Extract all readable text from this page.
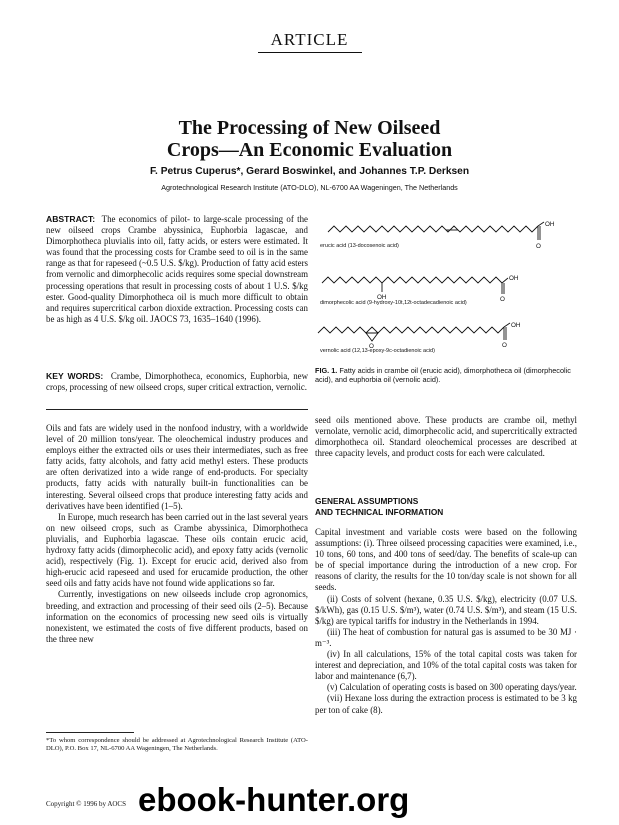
ARTICLE
The Processing of New Oilseed
Crops—An Economic Evaluation
F. Petrus Cuperus*, Gerard Boswinkel, and Johannes T.P. Derksen
Agrotechnological Research Institute (ATO-DLO), NL-6700 AA Wageningen, The Netherlands

ABSTRACT: The economics of pilot- to large-scale processing of the new oilseed crops Crambe abyssinica, Euphorbia lagascae, and Dimorphotheca pluvialis into oil, fatty acids, or esters were estimated. It was found that the processing costs for Crambe seed to oil is in the same range as that for rapeseed (~0.5 U.S. $/kg). Production of fatty acid esters from vernolic and dimorphecolic acids requires some special downstream processing operations that result in processing costs of about 1 U.S. $/kg ester. Good-quality Dimorphotheca oil is much more difficult to obtain and requires supercritical carbon dioxide extraction. Processing costs can be as high as 4 U.S. $/kg oil. JAOCS 73, 1635–1640 (1996).

KEY WORDS: Crambe, Dimorphotheca, economics, Euphorbia, new crops, processing of new oilseed crops, super critical extraction, vernolic.

Oils and fats are widely used in the nonfood industry, with a worldwide level of 20 million tons/year. The oleochemical industry produces and employs either the extracted oils or uses their intermediates, such as free fatty acids, fatty alcohols, and fatty acid methyl esters. These products are often derivatized into a wide range of end-products. For specialty products, fatty acids with naturally built-in functionalities can be interesting. Several oilseed crops that produce interesting fatty acids and derivatives have been identified (1–5).

In Europe, much research has been carried out in the last several years on new oilseed crops, such as Crambe abyssinica, Dimorphotheca pluvialis, and Euphorbia lagascae. These oils contain erucic acid, hydroxy fatty acids (dimorphecolic acid), and epoxy fatty acids (vernolic acid), respectively (Fig. 1). Except for erucic acid, derived also from high-erucic acid rapeseed and used for erucamide production, the other seed oils and fatty acids have not found wide applications so far.

Currently, investigations on new oilseeds include crop agronomics, breeding, and extraction and processing of their seed oils (2–5). Because information on the economics of processing new seed oils is virtually nonexistent, we estimated the costs of five different products, based on the three new

*To whom correspondence should be addressed at Agrotechnological Research Institute (ATO-DLO), P.O. Box 17, NL-6700 AA Wageningen, The Netherlands.
OH
O
OH
OH
O
O
OH
O
erucic acid (13-docosenoic acid)
dimorphecolic acid (9-hydroxy-10t,12t-octadecadienoic acid)
vernolic acid (12,13-epoxy-9c-octadienoic acid)
FIG. 1. Fatty acids in crambe oil (erucic acid), dimorphotheca oil (dimorphecolic acid), and euphorbia oil (vernolic acid).

seed oils mentioned above. These products are crambe oil, methyl vernolate, vernolic acid, dimorphecolic acid, and supercritically extracted dimorphotheca oil. Standard oleochemical processes are described at three capacity levels, and product costs for each were calculated.

GENERAL ASSUMPTIONS
AND TECHNICAL INFORMATION

Capital investment and variable costs were based on the following assumptions: (i). Three oilseed processing capacities were examined, i.e., 10 tons, 60 tons, and 400 tons of seed/day. The benefits of scale-up can be of special importance during the introduction of a new crop. For reasons of clarity, the results for the 10 ton/day scale is not shown for all seeds.

(ii) Costs of solvent (hexane, 0.35 U.S. $/kg), electricity (0.07 U.S. $/kWh), gas (0.15 U.S. $/m³), water (0.74 U.S. $/m³), and steam (15 U.S. $/kg) are typical tariffs for industry in the Netherlands in 1994.

(iii) The heat of combustion for natural gas is assumed to be 30 MJ · m⁻³.

(iv) In all calculations, 15% of the total capital costs was taken for interest and depreciation, and 10% of the total capital costs was taken for labor and maintenance (6,7).

(v) Calculation of operating costs is based on 300 operating days/year.

(vii) Hexane loss during the extraction process is estimated to be 3 kg per ton of cake (8).

Copyright © 1996 by AOCS ebook-hunter.org
